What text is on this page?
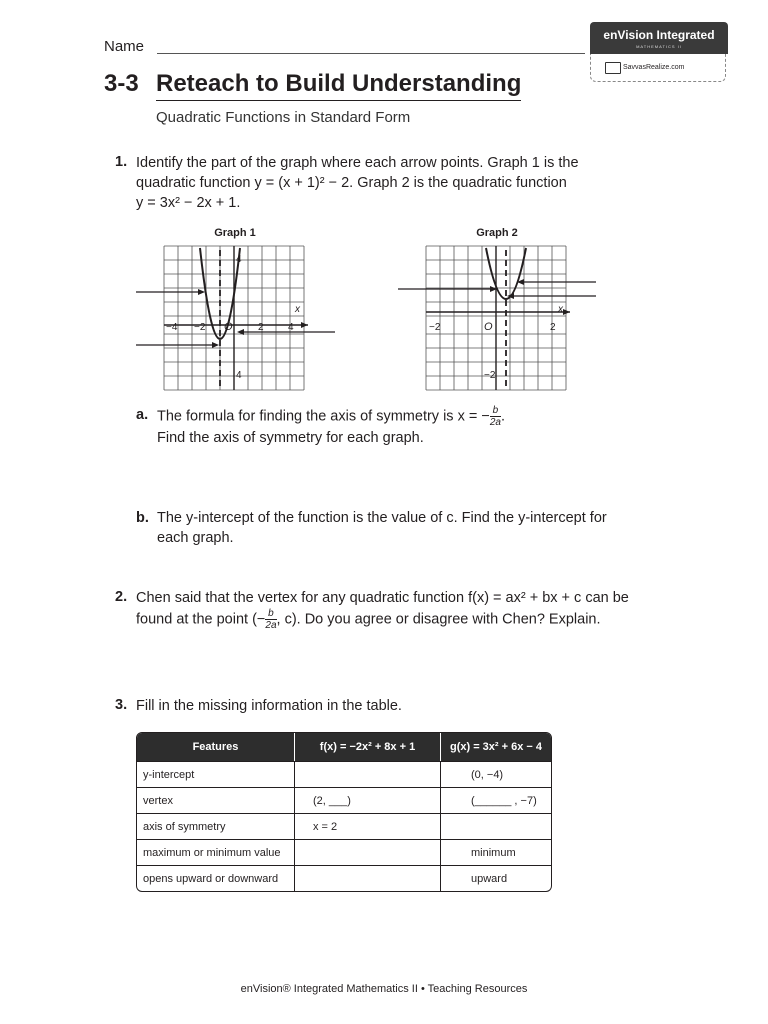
Name
enVision Integrated
MATHEMATICS II
SavvasRealize.com
3-3 Reteach to Build Understanding
Quadratic Functions in Standard Form
1. Identify the part of the graph where each arrow points. Graph 1 is the
quadratic function y = (x + 1)² − 2. Graph 2 is the quadratic function
y = 3x² − 2x + 1.
Graph 1	Graph 2
4
4
−4 −2	2 4
O
x
−2	2
−2
O
x
a. The formula for finding the axis of symmetry is x = − $\frac{b}{2a}$ .
Find the axis of symmetry for each graph.
b. The y-intercept of the function is the value of c. Find the y-intercept for
each graph.
2. Chen said that the vertex for any quadratic function f(x) = ax² + bx + c can be
found at the point (− $\frac{b}{2a}$ , c). Do you agree or disagree with Chen? Explain.
3. Fill in the missing information in the table.
Features	f(x) = −2x² + 8x + 1	g(x) = 3x² + 6x − 4
y-intercept		(0, −4)
vertex	(2, ___)	(______ , −7)
axis of symmetry	x = 2	
maximum or minimum value		minimum
opens upward or downward		upward
enVision® Integrated Mathematics II • Teaching Resources
